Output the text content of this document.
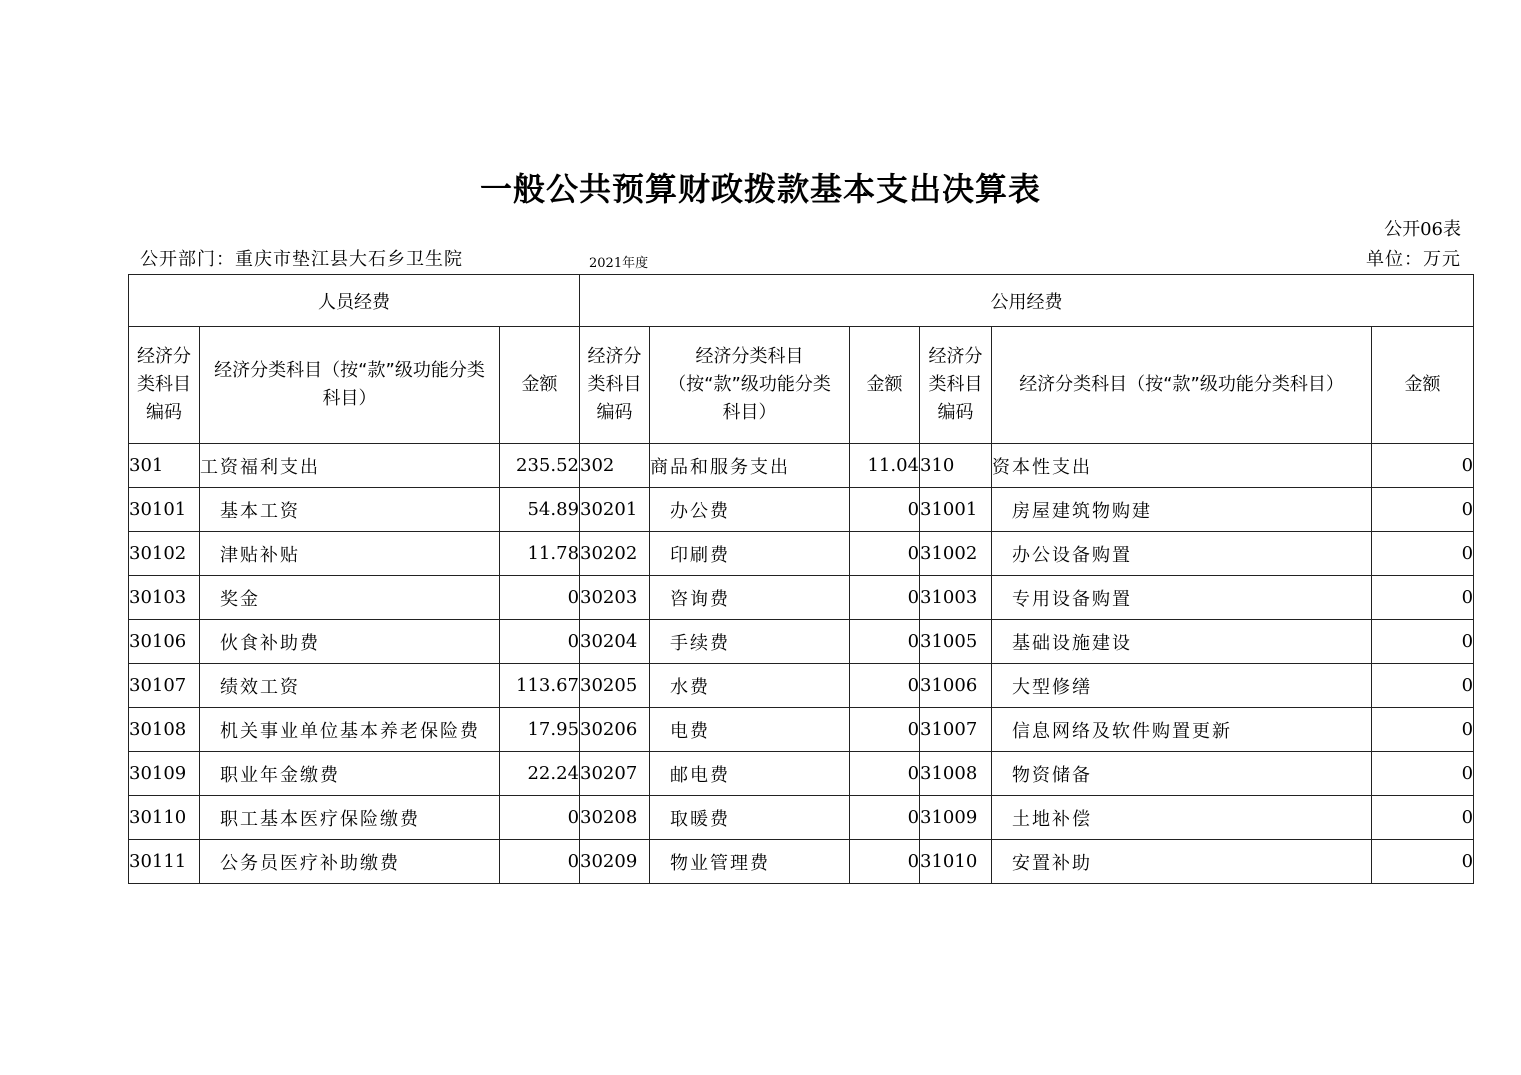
一般公共预算财政拨款基本支出决算表
公开06表
公开部门：重庆市垫江县大石乡卫生院	2021年度	单位：万元
人员经费			公用经费					
经济分类科目编码	经济分类科目（按“款”级功能分类科目）	金额	经济分类科目编码	经济分类科目（按“款”级功能分类科目）	金额	经济分类科目编码	经济分类科目（按“款”级功能分类科目）	金额
301	工资福利支出	235.52	302	商品和服务支出	11.04	310	资本性支出	0
30101	基本工资	54.89	30201	办公费	0	31001	房屋建筑物购建	0
30102	津贴补贴	11.78	30202	印刷费	0	31002	办公设备购置	0
30103	奖金	0	30203	咨询费	0	31003	专用设备购置	0
30106	伙食补助费	0	30204	手续费	0	31005	基础设施建设	0
30107	绩效工资	113.67	30205	水费	0	31006	大型修缮	0
30108	机关事业单位基本养老保险费	17.95	30206	电费	0	31007	信息网络及软件购置更新	0
30109	职业年金缴费	22.24	30207	邮电费	0	31008	物资储备	0
30110	职工基本医疗保险缴费	0	30208	取暖费	0	31009	土地补偿	0
30111	公务员医疗补助缴费	0	30209	物业管理费	0	31010	安置补助	0
